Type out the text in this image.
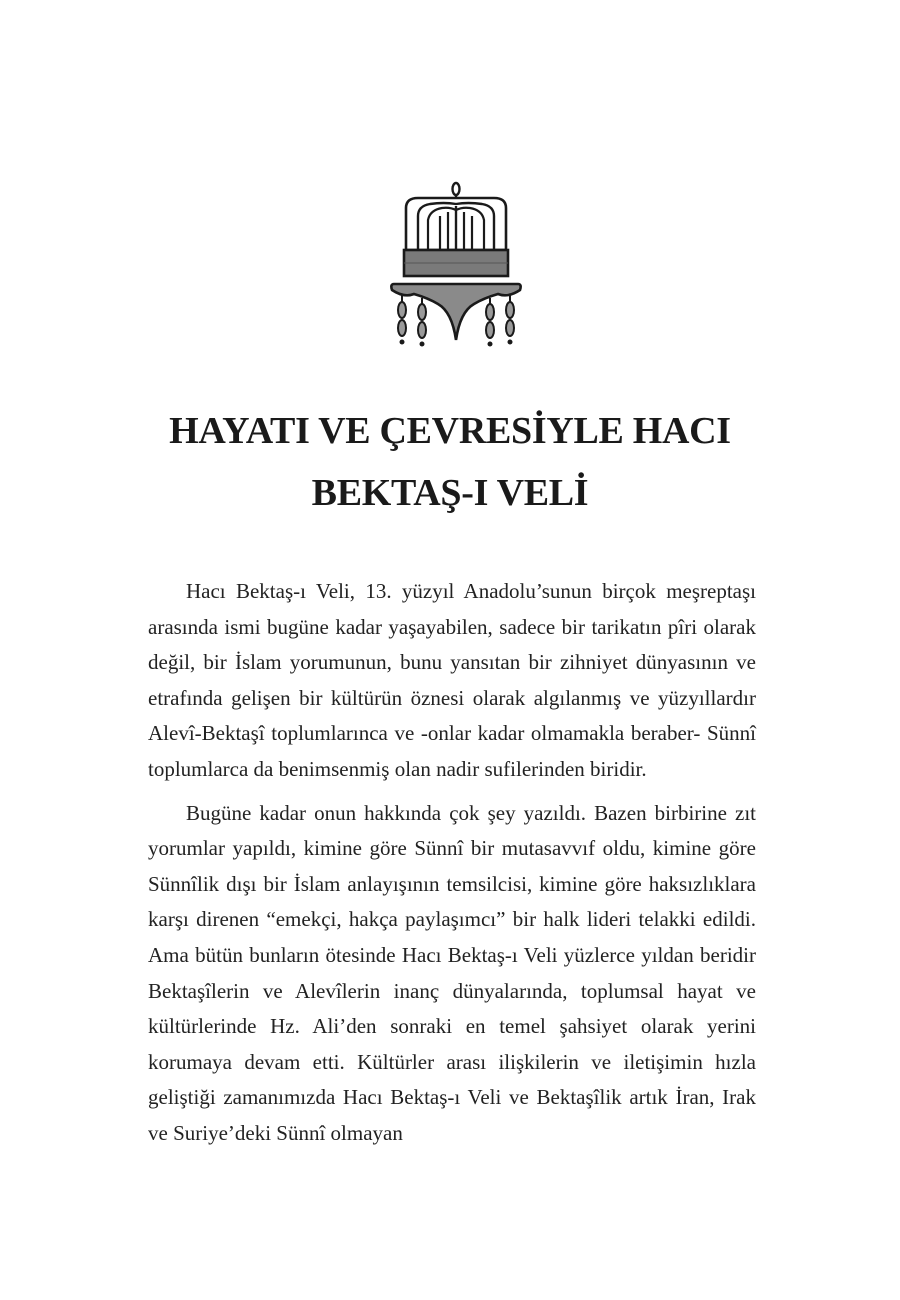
HAYATI VE ÇEVRESİYLE HACI
BEKTAŞ-I VELİ

Hacı Bektaş-ı Veli, 13. yüzyıl Anadolu’sunun birçok meşreptaşı arasında ismi bugüne kadar yaşayabilen, sadece bir tarikatın pîri olarak değil, bir İslam yorumunun, bunu yansıtan bir zihniyet dünyasının ve etrafında gelişen bir kültürün öznesi olarak algılanmış ve yüzyıllardır Alevî-Bektaşî toplumlarınca ve -onlar kadar olmamakla beraber- Sünnî toplumlarca da benimsenmiş olan nadir sufilerinden biridir.

Bugüne kadar onun hakkında çok şey yazıldı. Bazen birbirine zıt yorumlar yapıldı, kimine göre Sünnî bir mutasavvıf oldu, kimine göre Sünnîlik dışı bir İslam anlayışının temsilcisi, kimine göre haksızlıklara karşı direnen “emekçi, hakça paylaşımcı” bir halk lideri telakki edildi. Ama bütün bunların ötesinde Hacı Bektaş-ı Veli yüzlerce yıldan beridir Bektaşîlerin ve Alevîlerin inanç dünyalarında, toplumsal hayat ve kültürlerinde Hz. Ali’den sonraki en temel şahsiyet olarak yerini korumaya devam etti. Kültürler arası ilişkilerin ve iletişimin hızla geliştiği zamanımızda Hacı Bektaş-ı Veli ve Bektaşîlik artık İran, Irak ve Suriye’deki Sünnî olmayan
